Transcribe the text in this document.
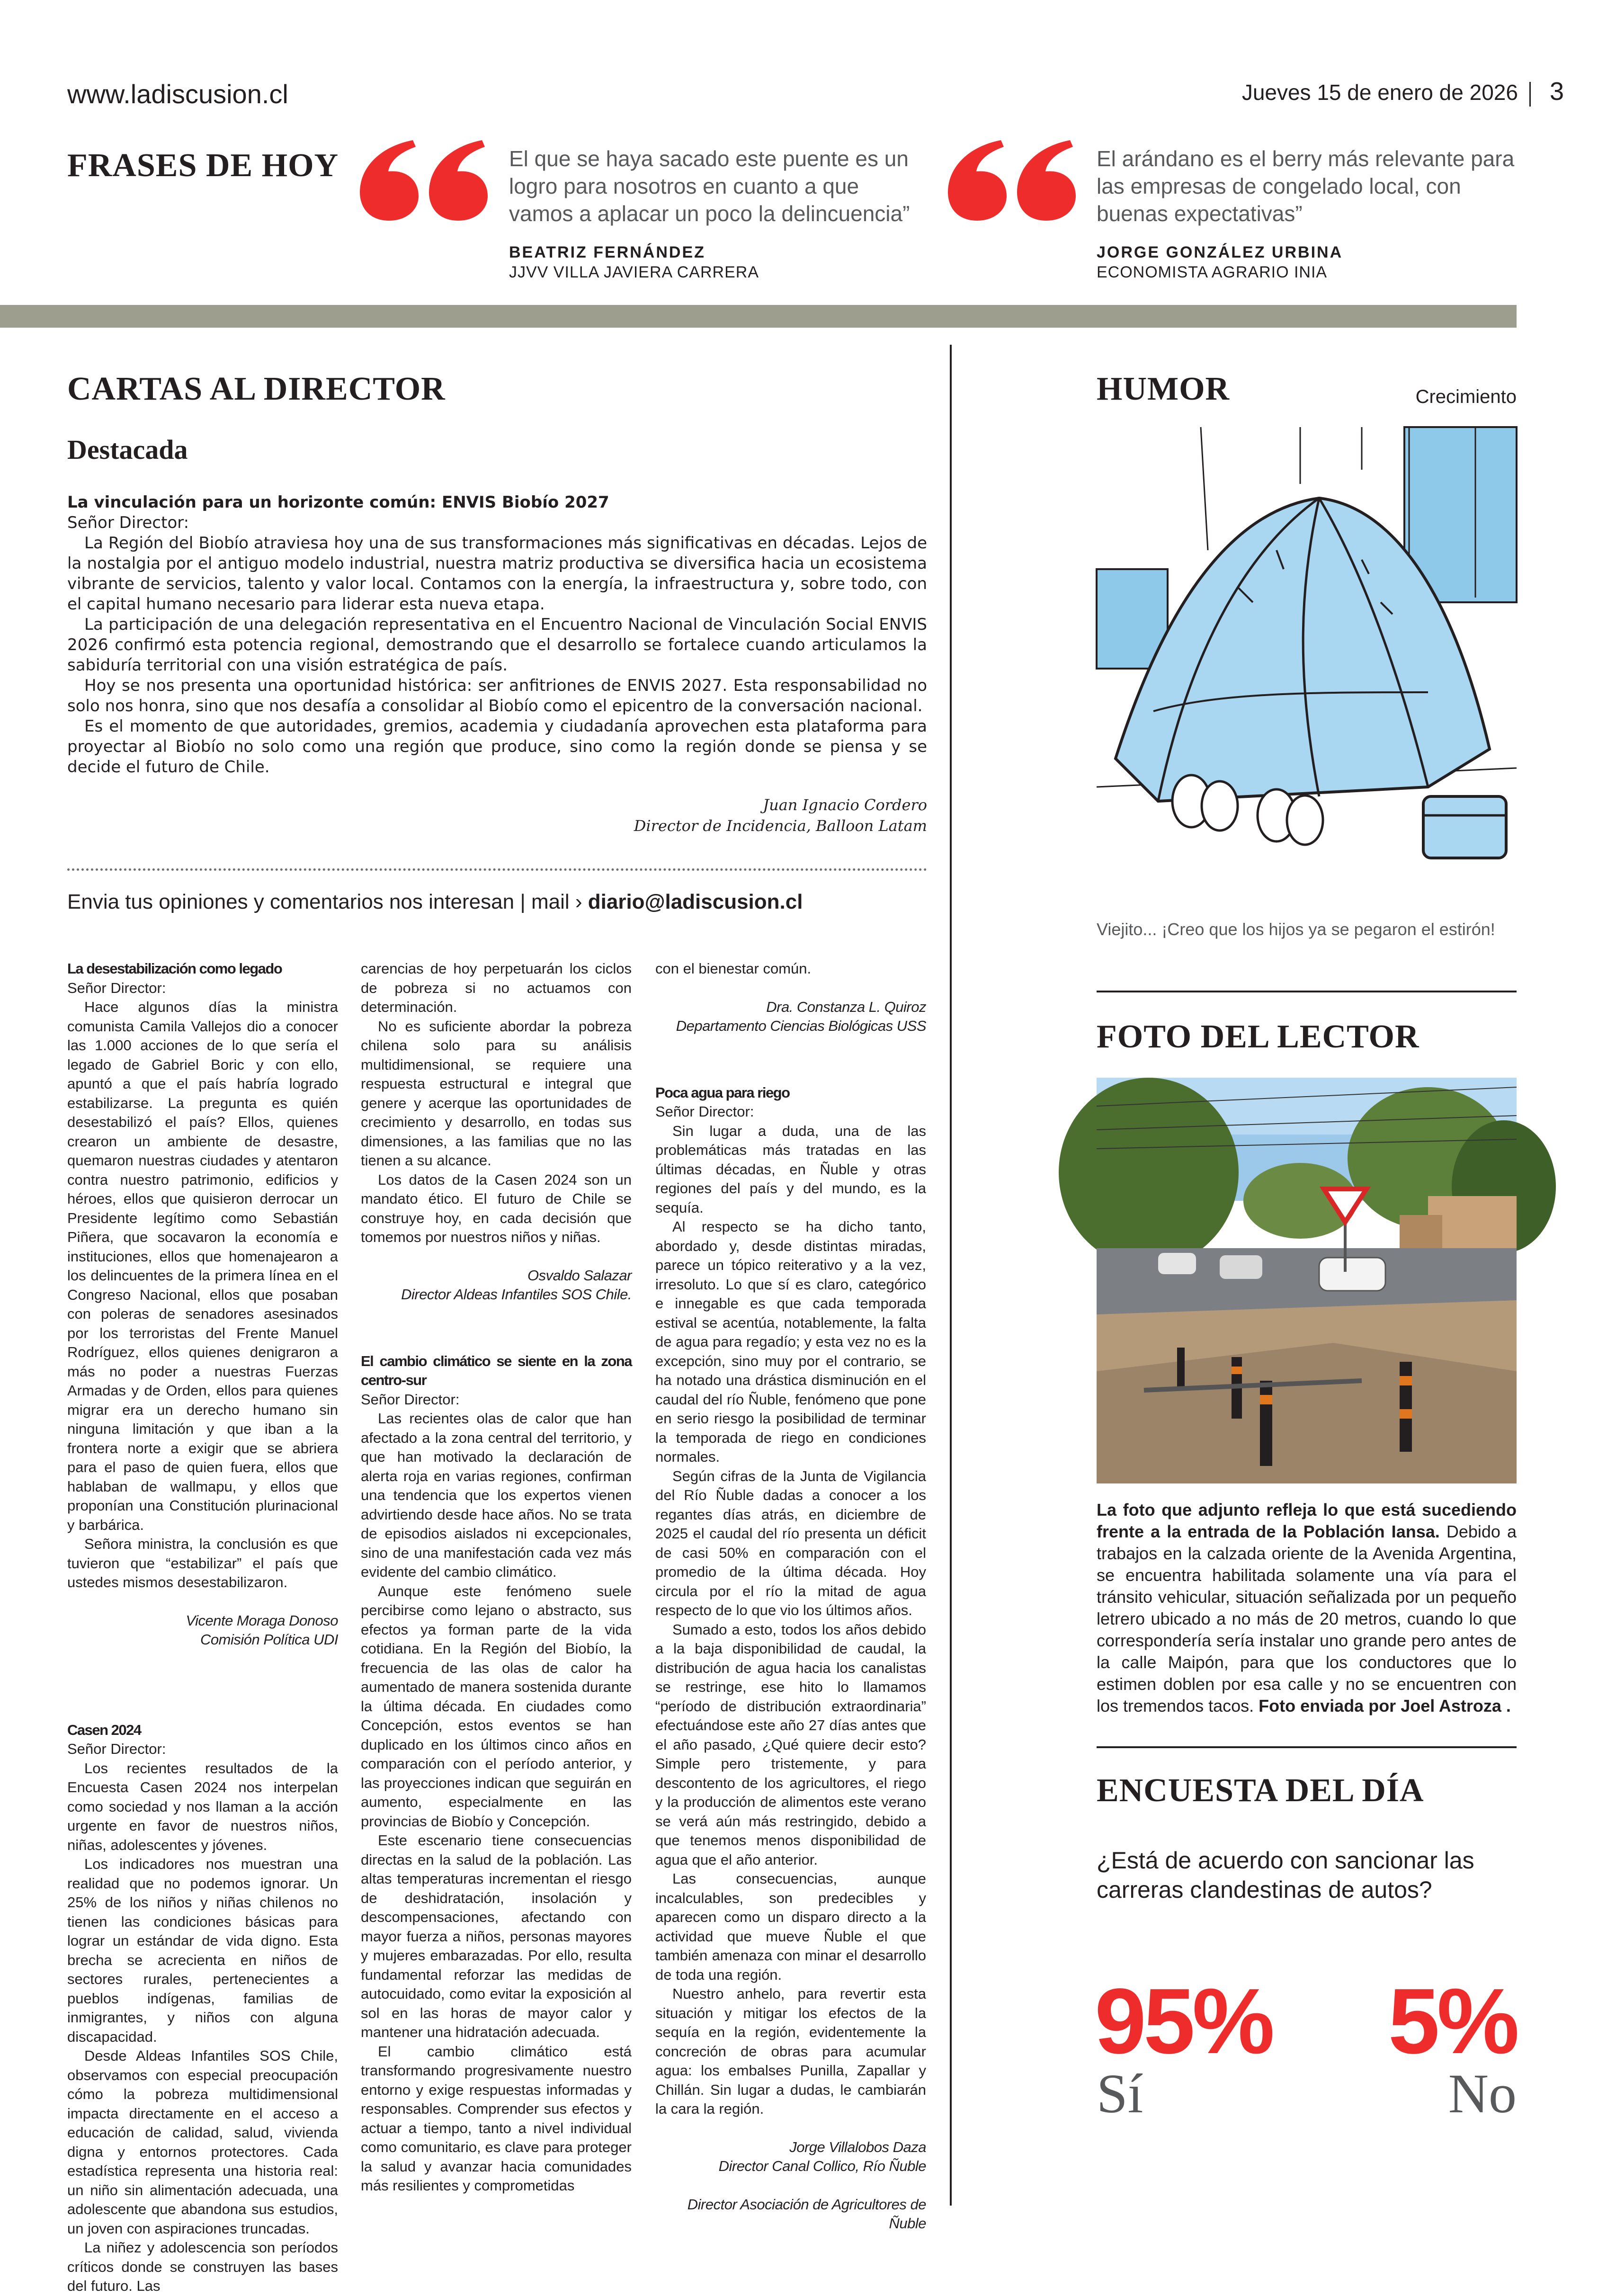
www.ladiscusion.cl	Jueves 15 de enero de 2026 3
FRASES DE HOY	El que se haya sacado este puente es un logro para nosotros en cuanto a que vamos a aplacar un poco la delincuencia”
BEATRIZ FERNÁNDEZ
JJVV VILLA JAVIERA CARRERA
El arándano es el berry más relevante para las empresas de congelado local, con buenas expectativas”
JORGE GONZÁLEZ URBINA
ECONOMISTA AGRARIO INIA
CARTAS AL DIRECTOR
Destacada
La vinculación para un horizonte común: ENVIS Biobío 2027
Señor Director:
La Región del Biobío atraviesa hoy una de sus transformaciones más significativas en décadas. Lejos de la nostalgia por el antiguo modelo industrial, nuestra matriz productiva se diversifica hacia un ecosistema vibrante de servicios, talento y valor local. Contamos con la energía, la infraestructura y, sobre todo, con el capital humano necesario para liderar esta nueva etapa.
La participación de una delegación representativa en el Encuentro Nacional de Vinculación Social ENVIS 2026 confirmó esta potencia regional, demostrando que el desarrollo se fortalece cuando articulamos la sabiduría territorial con una visión estratégica de país.
Hoy se nos presenta una oportunidad histórica: ser anfitriones de ENVIS 2027. Esta responsabilidad no solo nos honra, sino que nos desafía a consolidar al Biobío como el epicentro de la conversación nacional.
Es el momento de que autoridades, gremios, academia y ciudadanía aprovechen esta plataforma para proyectar al Biobío no solo como una región que produce, sino como la región donde se piensa y se decide el futuro de Chile.
Juan Ignacio Cordero
Director de Incidencia, Balloon Latam
Envia tus opiniones y comentarios nos interesan | mail › diario@ladiscusion.cl
La desestabilización como legado
Señor Director:
Hace algunos días la ministra comunista Camila Vallejos dio a conocer las 1.000 acciones de lo que sería el legado de Gabriel Boric y con ello, apuntó a que el país habría logrado estabilizarse. La pregunta es quién desestabilizó el país? Ellos, quienes crearon un ambiente de desastre, quemaron nuestras ciudades y atentaron contra nuestro patrimonio, edificios y héroes, ellos que quisieron derrocar un Presidente legítimo como Sebastián Piñera, que socavaron la economía e instituciones, ellos que homenajearon a los delincuentes de la primera línea en el Congreso Nacional, ellos que posaban con poleras de senadores asesinados por los terroristas del Frente Manuel Rodríguez, ellos quienes denigraron a más no poder a nuestras Fuerzas Armadas y de Orden, ellos para quienes migrar era un derecho humano sin ninguna limitación y que iban a la frontera norte a exigir que se abriera para el paso de quien fuera, ellos que hablaban de wallmapu, y ellos que proponían una Constitución plurinacional y barbárica.
Señora ministra, la conclusión es que tuvieron que “estabilizar” el país que ustedes mismos desestabilizaron.
Vicente Moraga Donoso
Comisión Política UDI
Casen 2024
Señor Director:
Los recientes resultados de la Encuesta Casen 2024 nos interpelan como sociedad y nos llaman a la acción urgente en favor de nuestros niños, niñas, adolescentes y jóvenes.
Los indicadores nos muestran una realidad que no podemos ignorar. Un 25% de los niños y niñas chilenos no tienen las condiciones básicas para lograr un estándar de vida digno. Esta brecha se acrecienta en niños de sectores rurales, pertenecientes a pueblos indígenas, familias de inmigrantes, y niños con alguna discapacidad.
Desde Aldeas Infantiles SOS Chile, observamos con especial preocupación cómo la pobreza multidimensional impacta directamente en el acceso a educación de calidad, salud, vivienda digna y entornos protectores. Cada estadística representa una historia real: un niño sin alimentación adecuada, una adolescente que abandona sus estudios, un joven con aspiraciones truncadas.
La niñez y adolescencia son períodos críticos donde se construyen las bases del futuro. Las
carencias de hoy perpetuarán los ciclos de pobreza si no actuamos con determinación.
No es suficiente abordar la pobreza chilena solo para su análisis multidimensional, se requiere una respuesta estructural e integral que genere y acerque las oportunidades de crecimiento y desarrollo, en todas sus dimensiones, a las familias que no las tienen a su alcance.
Los datos de la Casen 2024 son un mandato ético. El futuro de Chile se construye hoy, en cada decisión que tomemos por nuestros niños y niñas.
Osvaldo Salazar
Director Aldeas Infantiles SOS Chile.
El cambio climático se siente en la zona centro-sur
Señor Director:
Las recientes olas de calor que han afectado a la zona central del territorio, y que han motivado la declaración de alerta roja en varias regiones, confirman una tendencia que los expertos vienen advirtiendo desde hace años. No se trata de episodios aislados ni excepcionales, sino de una manifestación cada vez más evidente del cambio climático.
Aunque este fenómeno suele percibirse como lejano o abstracto, sus efectos ya forman parte de la vida cotidiana. En la Región del Biobío, la frecuencia de las olas de calor ha aumentado de manera sostenida durante la última década. En ciudades como Concepción, estos eventos se han duplicado en los últimos cinco años en comparación con el período anterior, y las proyecciones indican que seguirán en aumento, especialmente en las provincias de Biobío y Concepción.
Este escenario tiene consecuencias directas en la salud de la población. Las altas temperaturas incrementan el riesgo de deshidratación, insolación y descompensaciones, afectando con mayor fuerza a niños, personas mayores y mujeres embarazadas. Por ello, resulta fundamental reforzar las medidas de autocuidado, como evitar la exposición al sol en las horas de mayor calor y mantener una hidratación adecuada.
El cambio climático está transformando progresivamente nuestro entorno y exige respuestas informadas y responsables. Comprender sus efectos y actuar a tiempo, tanto a nivel individual como comunitario, es clave para proteger la salud y avanzar hacia comunidades más resilientes y comprometidas
con el bienestar común.
Dra. Constanza L. Quiroz
Departamento Ciencias Biológicas USS
Poca agua para riego
Señor Director:
Sin lugar a duda, una de las problemáticas más tratadas en las últimas décadas, en Ñuble y otras regiones del país y del mundo, es la sequía.
Al respecto se ha dicho tanto, abordado y, desde distintas miradas, parece un tópico reiterativo y a la vez, irresoluto. Lo que sí es claro, categórico e innegable es que cada temporada estival se acentúa, notablemente, la falta de agua para regadío; y esta vez no es la excepción, sino muy por el contrario, se ha notado una drástica disminución en el caudal del río Ñuble, fenómeno que pone en serio riesgo la posibilidad de terminar la temporada de riego en condiciones normales.
Según cifras de la Junta de Vigilancia del Río Ñuble dadas a conocer a los regantes días atrás, en diciembre de 2025 el caudal del río presenta un déficit de casi 50% en comparación con el promedio de la última década. Hoy circula por el río la mitad de agua respecto de lo que vio los últimos años.
Sumado a esto, todos los años debido a la baja disponibilidad de caudal, la distribución de agua hacia los canalistas se restringe, ese hito lo llamamos “período de distribución extraordinaria” efectuándose este año 27 días antes que el año pasado, ¿Qué quiere decir esto? Simple pero tristemente, y para descontento de los agricultores, el riego y la producción de alimentos este verano se verá aún más restringido, debido a que tenemos menos disponibilidad de agua que el año anterior.
Las consecuencias, aunque incalculables, son predecibles y aparecen como un disparo directo a la actividad que mueve Ñuble el que también amenaza con minar el desarrollo de toda una región.
Nuestro anhelo, para revertir esta situación y mitigar los efectos de la sequía en la región, evidentemente la concreción de obras para acumular agua: los embalses Punilla, Zapallar y Chillán. Sin lugar a dudas, le cambiarán la cara la región.
Jorge Villalobos Daza
Director Canal Collico, Río Ñuble
Director Asociación de Agricultores de Ñuble
HUMOR	Crecimiento
Viejito... ¡Creo que los hijos ya se pegaron el estirón!
FOTO DEL LECTOR
La foto que adjunto refleja lo que está sucediendo frente a la entrada de la Población Iansa. Debido a trabajos en la calzada oriente de la Avenida Argentina, se encuentra habilitada solamente una vía para el tránsito vehicular, situación señalizada por un pequeño letrero ubicado a no más de 20 metros, cuando lo que correspondería sería instalar uno grande pero antes de la calle Maipón, para que los conductores que lo estimen doblen por esa calle y no se encuentren con los tremendos tacos. Foto enviada por Joel Astroza .
ENCUESTA DEL DÍA
¿Está de acuerdo con sancionar las carreras clandestinas de autos?
95%
Sí
5%
No
